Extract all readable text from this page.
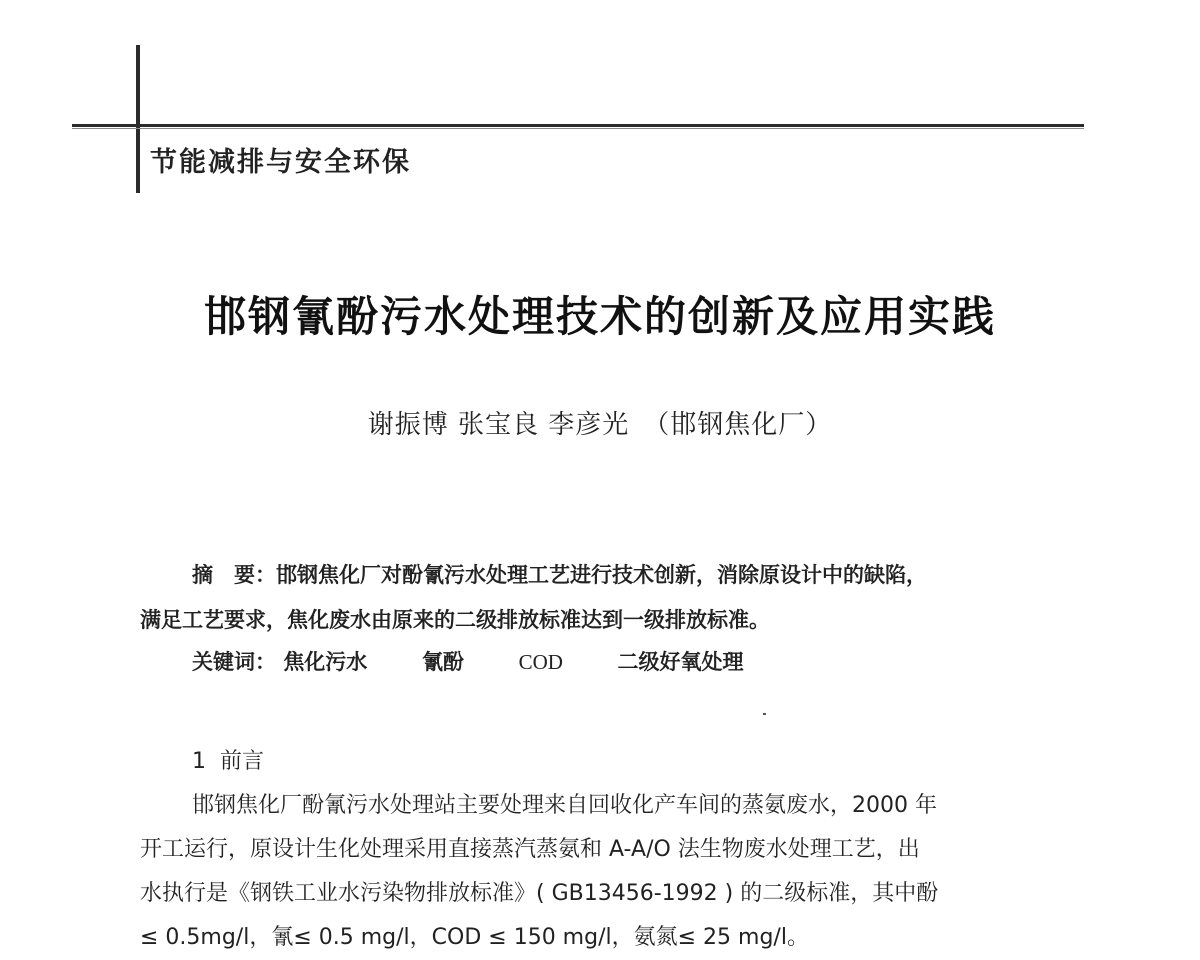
节能减排与安全环保
邯钢氰酚污水处理技术的创新及应用实践
谢振博 张宝良 李彦光 （邯钢焦化厂）
摘　要：邯钢焦化厂对酚氰污水处理工艺进行技术创新，消除原设计中的缺陷，
满足工艺要求，焦化废水由原来的二级排放标准达到一级排放标准。
关键词： 焦化污水	氰酚	COD	二级好氧处理
1 前言
邯钢焦化厂酚氰污水处理站主要处理来自回收化产车间的蒸氨废水，2000 年
开工运行，原设计生化处理采用直接蒸汽蒸氨和 A-A/O 法生物废水处理工艺，出
水执行是《钢铁工业水污染物排放标准》( GB13456-1992 ) 的二级标准，其中酚
≤ 0.5mg/l，氰≤ 0.5 mg/l，COD ≤ 150 mg/l，氨氮≤ 25 mg/l。
